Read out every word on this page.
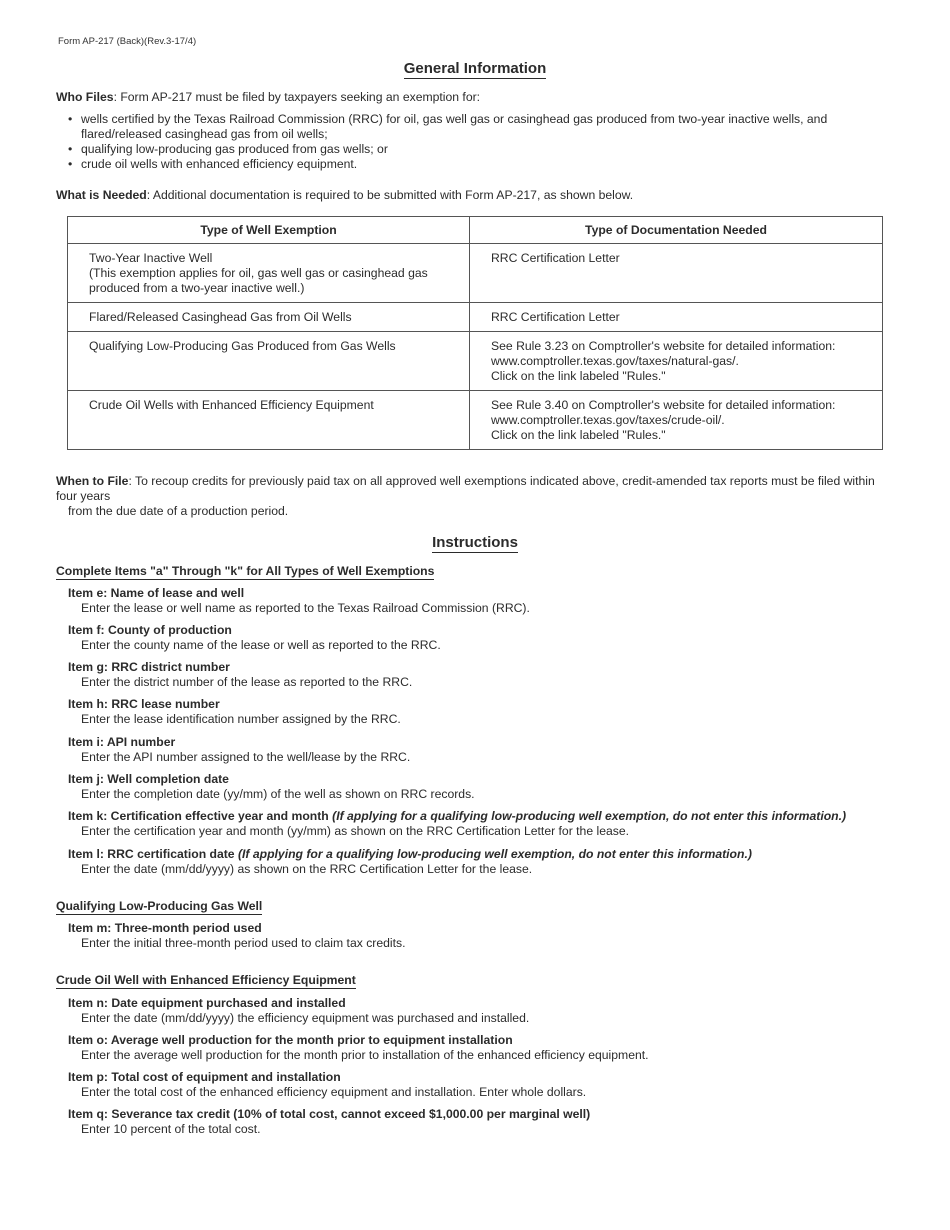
Form AP-217 (Back)(Rev.3-17/4)
General Information
Who Files: Form AP-217 must be filed by taxpayers seeking an exemption for:
• wells certified by the Texas Railroad Commission (RRC) for oil, gas well gas or casinghead gas produced from two-year inactive wells, and flared/released casinghead gas from oil wells;
• qualifying low-producing gas produced from gas wells; or
• crude oil wells with enhanced efficiency equipment.
What is Needed: Additional documentation is required to be submitted with Form AP-217, as shown below.
Type of Well Exemption	Type of Documentation Needed

Two-Year Inactive Well
(This exemption applies for oil, gas well gas or casinghead gas
produced from a two-year inactive well.)	RRC Certification Letter

Flared/Released Casinghead Gas from Oil Wells	RRC Certification Letter

Qualifying Low-Producing Gas Produced from Gas Wells	See Rule 3.23 on Comptroller's website for detailed information:
www.comptroller.texas.gov/taxes/natural-gas/.
Click on the link labeled "Rules."

Crude Oil Wells with Enhanced Efficiency Equipment	See Rule 3.40 on Comptroller's website for detailed information:
www.comptroller.texas.gov/taxes/crude-oil/.
Click on the link labeled "Rules."
When to File: To recoup credits for previously paid tax on all approved well exemptions indicated above, credit-amended tax reports must be filed within four years
from the due date of a production period.
Instructions
Complete Items "a" Through "k" for All Types of Well Exemptions
Item e: Name of lease and well
Enter the lease or well name as reported to the Texas Railroad Commission (RRC).
Item f: County of production
Enter the county name of the lease or well as reported to the RRC.
Item g: RRC district number
Enter the district number of the lease as reported to the RRC.
Item h: RRC lease number
Enter the lease identification number assigned by the RRC.
Item i: API number
Enter the API number assigned to the well/lease by the RRC.
Item j: Well completion date
Enter the completion date (yy/mm) of the well as shown on RRC records.
Item k: Certification effective year and month (If applying for a qualifying low-producing well exemption, do not enter this information.)
Enter the certification year and month (yy/mm) as shown on the RRC Certification Letter for the lease.
Item l: RRC certification date (If applying for a qualifying low-producing well exemption, do not enter this information.)
Enter the date (mm/dd/yyyy) as shown on the RRC Certification Letter for the lease.
Qualifying Low-Producing Gas Well
Item m: Three-month period used
Enter the initial three-month period used to claim tax credits.
Crude Oil Well with Enhanced Efficiency Equipment
Item n: Date equipment purchased and installed
Enter the date (mm/dd/yyyy) the efficiency equipment was purchased and installed.
Item o: Average well production for the month prior to equipment installation
Enter the average well production for the month prior to installation of the enhanced efficiency equipment.
Item p: Total cost of equipment and installation
Enter the total cost of the enhanced efficiency equipment and installation. Enter whole dollars.
Item q: Severance tax credit (10% of total cost, cannot exceed $1,000.00 per marginal well)
Enter 10 percent of the total cost.
